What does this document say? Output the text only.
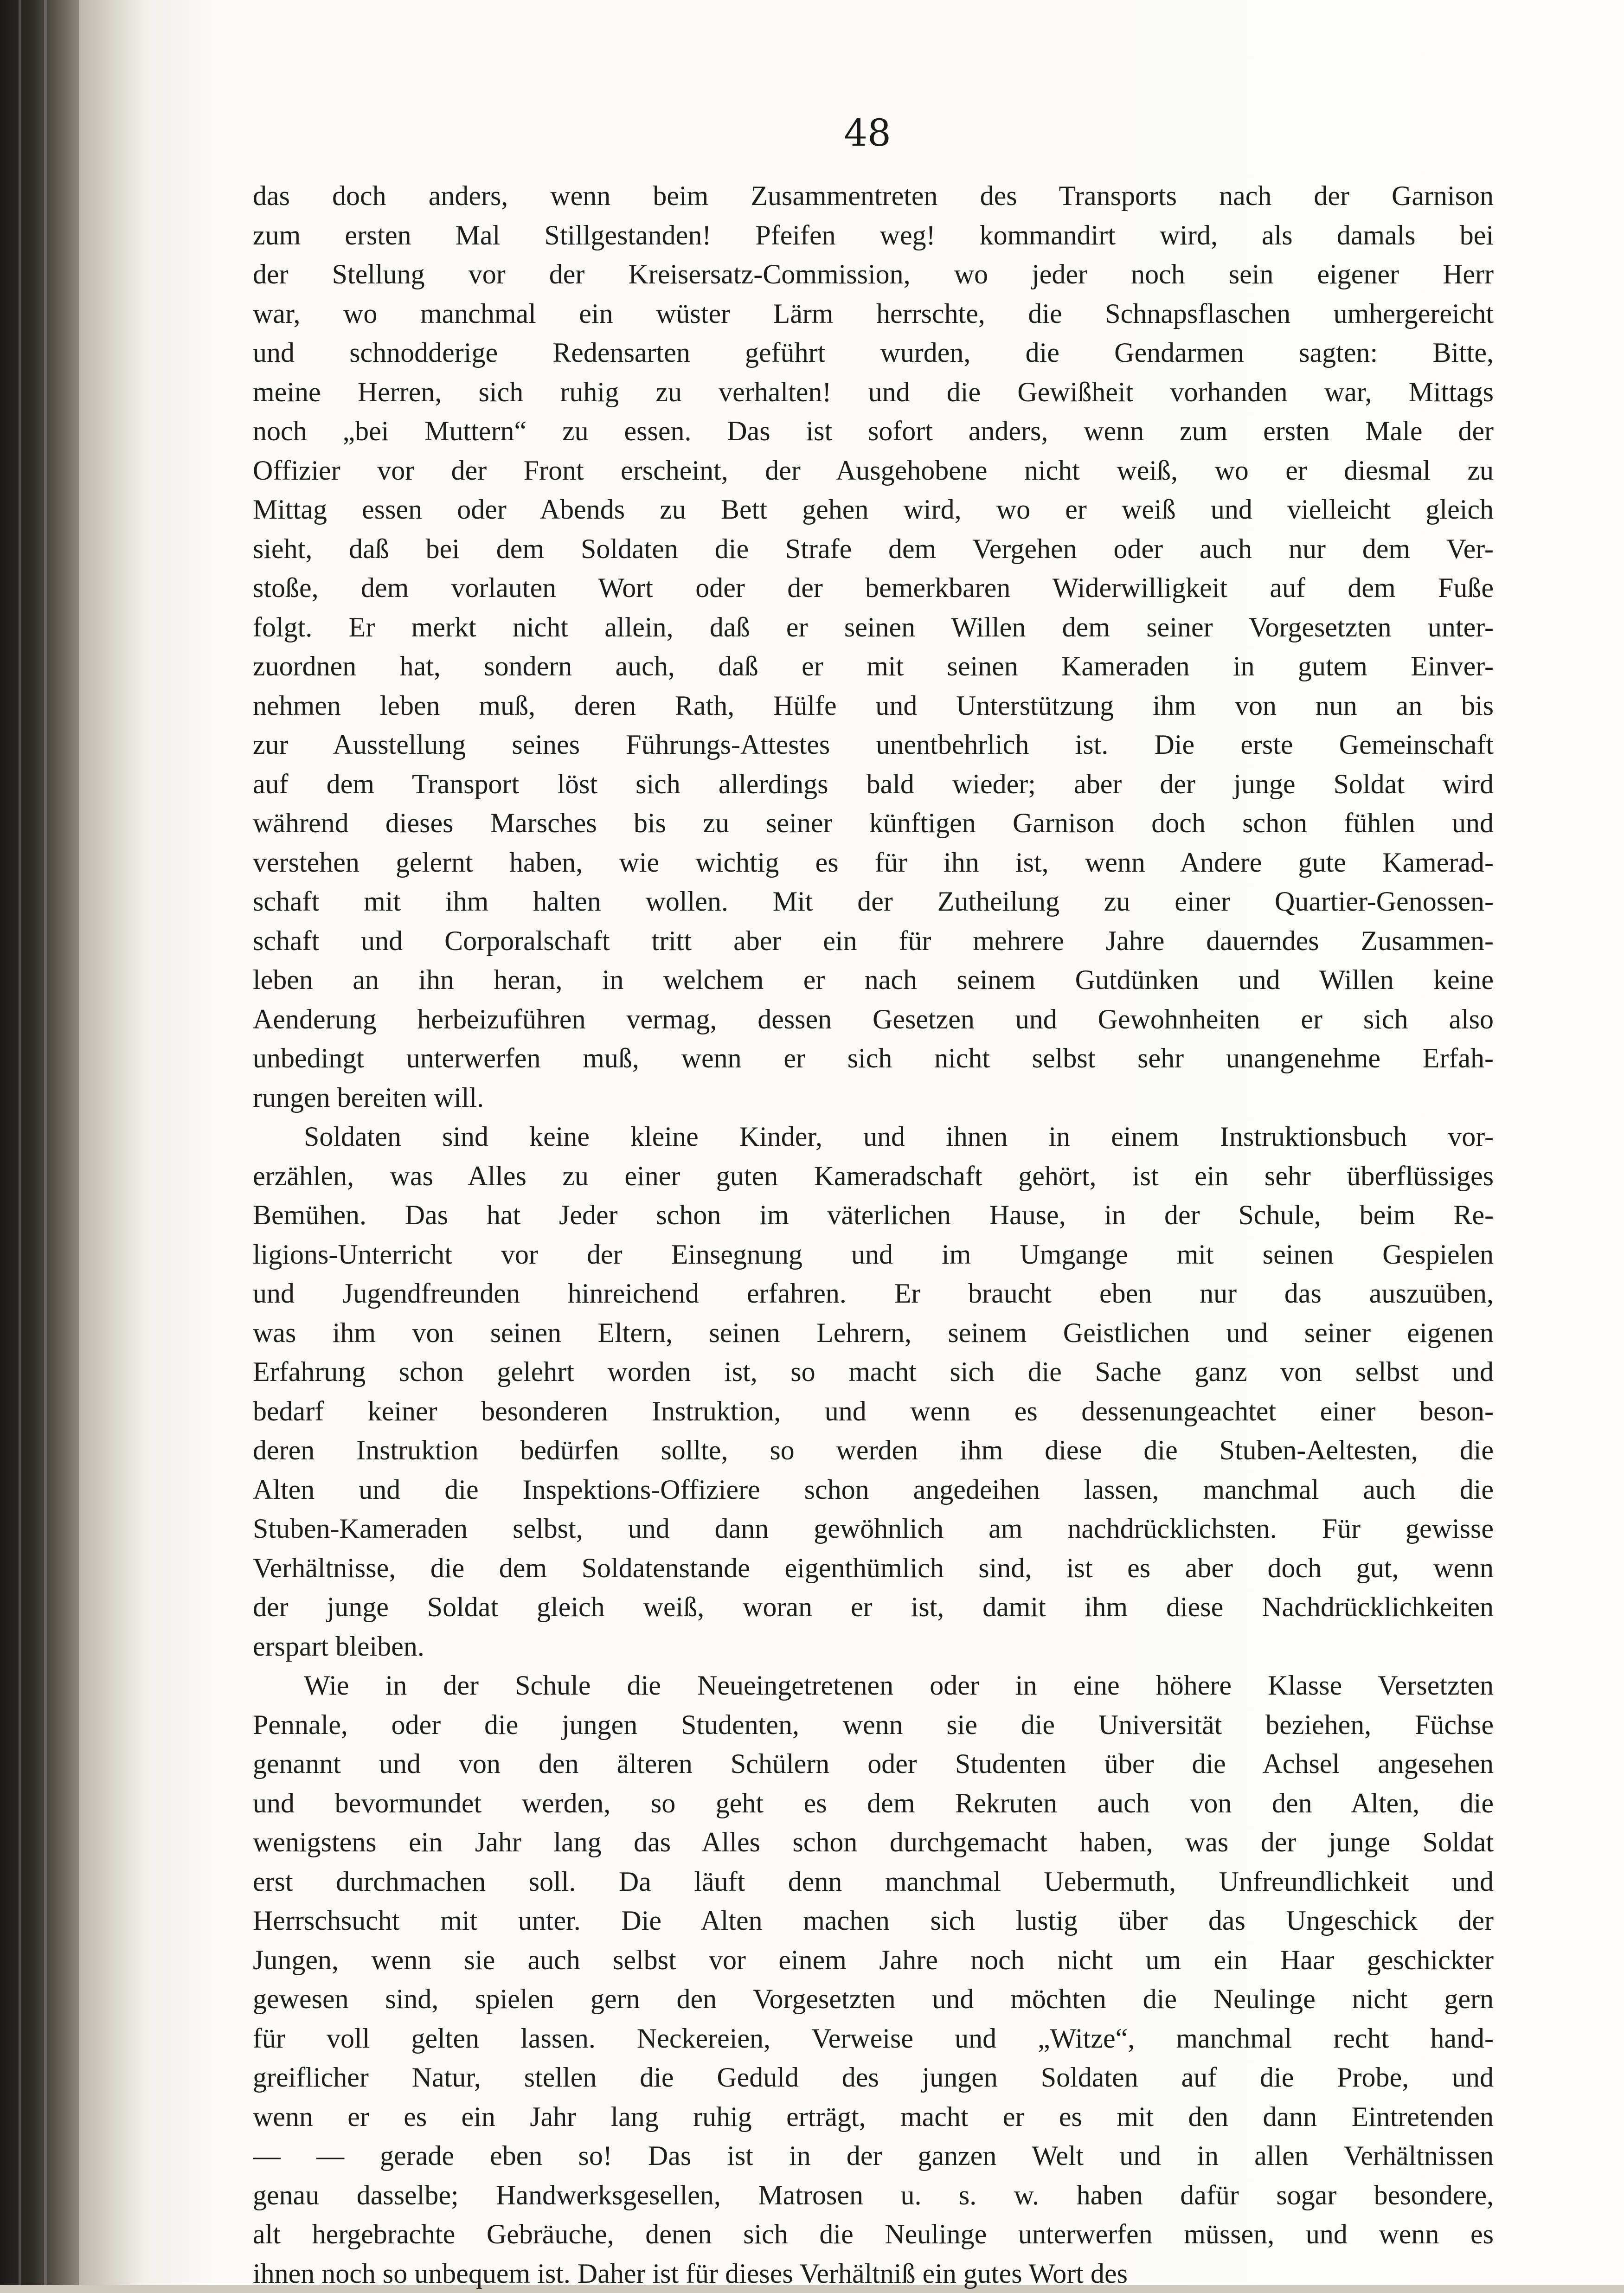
48
das doch anders, wenn beim Zusammentreten des Transports nach der Garnison
zum ersten Mal Stillgestanden! Pfeifen weg! kommandirt wird, als damals bei
der Stellung vor der Kreisersatz-Commission, wo jeder noch sein eigener Herr
war, wo manchmal ein wüster Lärm herrschte, die Schnapsflaschen umhergereicht
und schnodderige Redensarten geführt wurden, die Gendarmen sagten: Bitte,
meine Herren, sich ruhig zu verhalten! und die Gewißheit vorhanden war, Mittags
noch „bei Muttern“ zu essen. Das ist sofort anders, wenn zum ersten Male der
Offizier vor der Front erscheint, der Ausgehobene nicht weiß, wo er diesmal zu
Mittag essen oder Abends zu Bett gehen wird, wo er weiß und vielleicht gleich
sieht, daß bei dem Soldaten die Strafe dem Vergehen oder auch nur dem Ver-
stoße, dem vorlauten Wort oder der bemerkbaren Widerwilligkeit auf dem Fuße
folgt. Er merkt nicht allein, daß er seinen Willen dem seiner Vorgesetzten unter-
zuordnen hat, sondern auch, daß er mit seinen Kameraden in gutem Einver-
nehmen leben muß, deren Rath, Hülfe und Unterstützung ihm von nun an bis
zur Ausstellung seines Führungs-Attestes unentbehrlich ist. Die erste Gemeinschaft
auf dem Transport löst sich allerdings bald wieder; aber der junge Soldat wird
während dieses Marsches bis zu seiner künftigen Garnison doch schon fühlen und
verstehen gelernt haben, wie wichtig es für ihn ist, wenn Andere gute Kamerad-
schaft mit ihm halten wollen. Mit der Zutheilung zu einer Quartier-Genossen-
schaft und Corporalschaft tritt aber ein für mehrere Jahre dauerndes Zusammen-
leben an ihn heran, in welchem er nach seinem Gutdünken und Willen keine
Aenderung herbeizuführen vermag, dessen Gesetzen und Gewohnheiten er sich also
unbedingt unterwerfen muß, wenn er sich nicht selbst sehr unangenehme Erfah-
rungen bereiten will.
Soldaten sind keine kleine Kinder, und ihnen in einem Instruktionsbuch vor-
erzählen, was Alles zu einer guten Kameradschaft gehört, ist ein sehr überflüssiges
Bemühen. Das hat Jeder schon im väterlichen Hause, in der Schule, beim Re-
ligions-Unterricht vor der Einsegnung und im Umgange mit seinen Gespielen
und Jugendfreunden hinreichend erfahren. Er braucht eben nur das auszuüben,
was ihm von seinen Eltern, seinen Lehrern, seinem Geistlichen und seiner eigenen
Erfahrung schon gelehrt worden ist, so macht sich die Sache ganz von selbst und
bedarf keiner besonderen Instruktion, und wenn es dessenungeachtet einer beson-
deren Instruktion bedürfen sollte, so werden ihm diese die Stuben-Aeltesten, die
Alten und die Inspektions-Offiziere schon angedeihen lassen, manchmal auch die
Stuben-Kameraden selbst, und dann gewöhnlich am nachdrücklichsten. Für gewisse
Verhältnisse, die dem Soldatenstande eigenthümlich sind, ist es aber doch gut, wenn
der junge Soldat gleich weiß, woran er ist, damit ihm diese Nachdrücklichkeiten
erspart bleiben.
Wie in der Schule die Neueingetretenen oder in eine höhere Klasse Versetzten
Pennale, oder die jungen Studenten, wenn sie die Universität beziehen, Füchse
genannt und von den älteren Schülern oder Studenten über die Achsel angesehen
und bevormundet werden, so geht es dem Rekruten auch von den Alten, die
wenigstens ein Jahr lang das Alles schon durchgemacht haben, was der junge Soldat
erst durchmachen soll. Da läuft denn manchmal Uebermuth, Unfreundlichkeit und
Herrschsucht mit unter. Die Alten machen sich lustig über das Ungeschick der
Jungen, wenn sie auch selbst vor einem Jahre noch nicht um ein Haar geschickter
gewesen sind, spielen gern den Vorgesetzten und möchten die Neulinge nicht gern
für voll gelten lassen. Neckereien, Verweise und „Witze“, manchmal recht hand-
greiflicher Natur, stellen die Geduld des jungen Soldaten auf die Probe, und
wenn er es ein Jahr lang ruhig erträgt, macht er es mit den dann Eintretenden
— — gerade eben so! Das ist in der ganzen Welt und in allen Verhältnissen
genau dasselbe; Handwerksgesellen, Matrosen u. s. w. haben dafür sogar besondere,
alt hergebrachte Gebräuche, denen sich die Neulinge unterwerfen müssen, und wenn es
ihnen noch so unbequem ist. Daher ist für dieses Verhältniß ein gutes Wort des
